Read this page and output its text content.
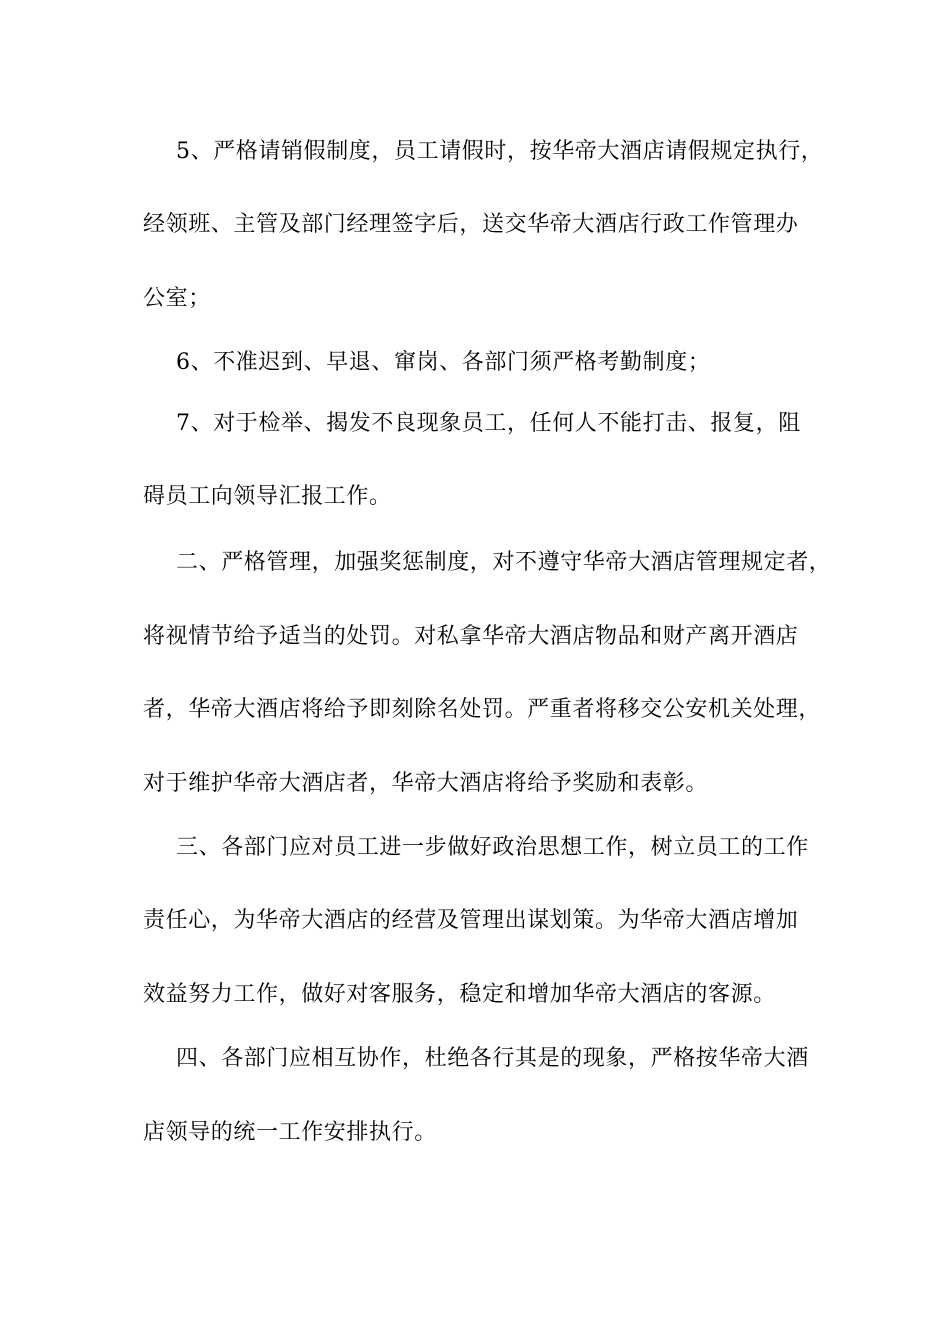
5、严格请销假制度，员工请假时，按华帝大酒店请假规定执行，
经领班、主管及部门经理签字后，送交华帝大酒店行政工作管理办
公室；
6、不准迟到、早退、窜岗、各部门须严格考勤制度；
7、对于检举、揭发不良现象员工，任何人不能打击、报复，阻
碍员工向领导汇报工作。
二、严格管理，加强奖惩制度，对不遵守华帝大酒店管理规定者，
将视情节给予适当的处罚。对私拿华帝大酒店物品和财产离开酒店
者，华帝大酒店将给予即刻除名处罚。严重者将移交公安机关处理，
对于维护华帝大酒店者，华帝大酒店将给予奖励和表彰。
三、各部门应对员工进一步做好政治思想工作，树立员工的工作
责任心，为华帝大酒店的经营及管理出谋划策。为华帝大酒店增加
效益努力工作，做好对客服务，稳定和增加华帝大酒店的客源。
四、各部门应相互协作，杜绝各行其是的现象，严格按华帝大酒
店领导的统一工作安排执行。
